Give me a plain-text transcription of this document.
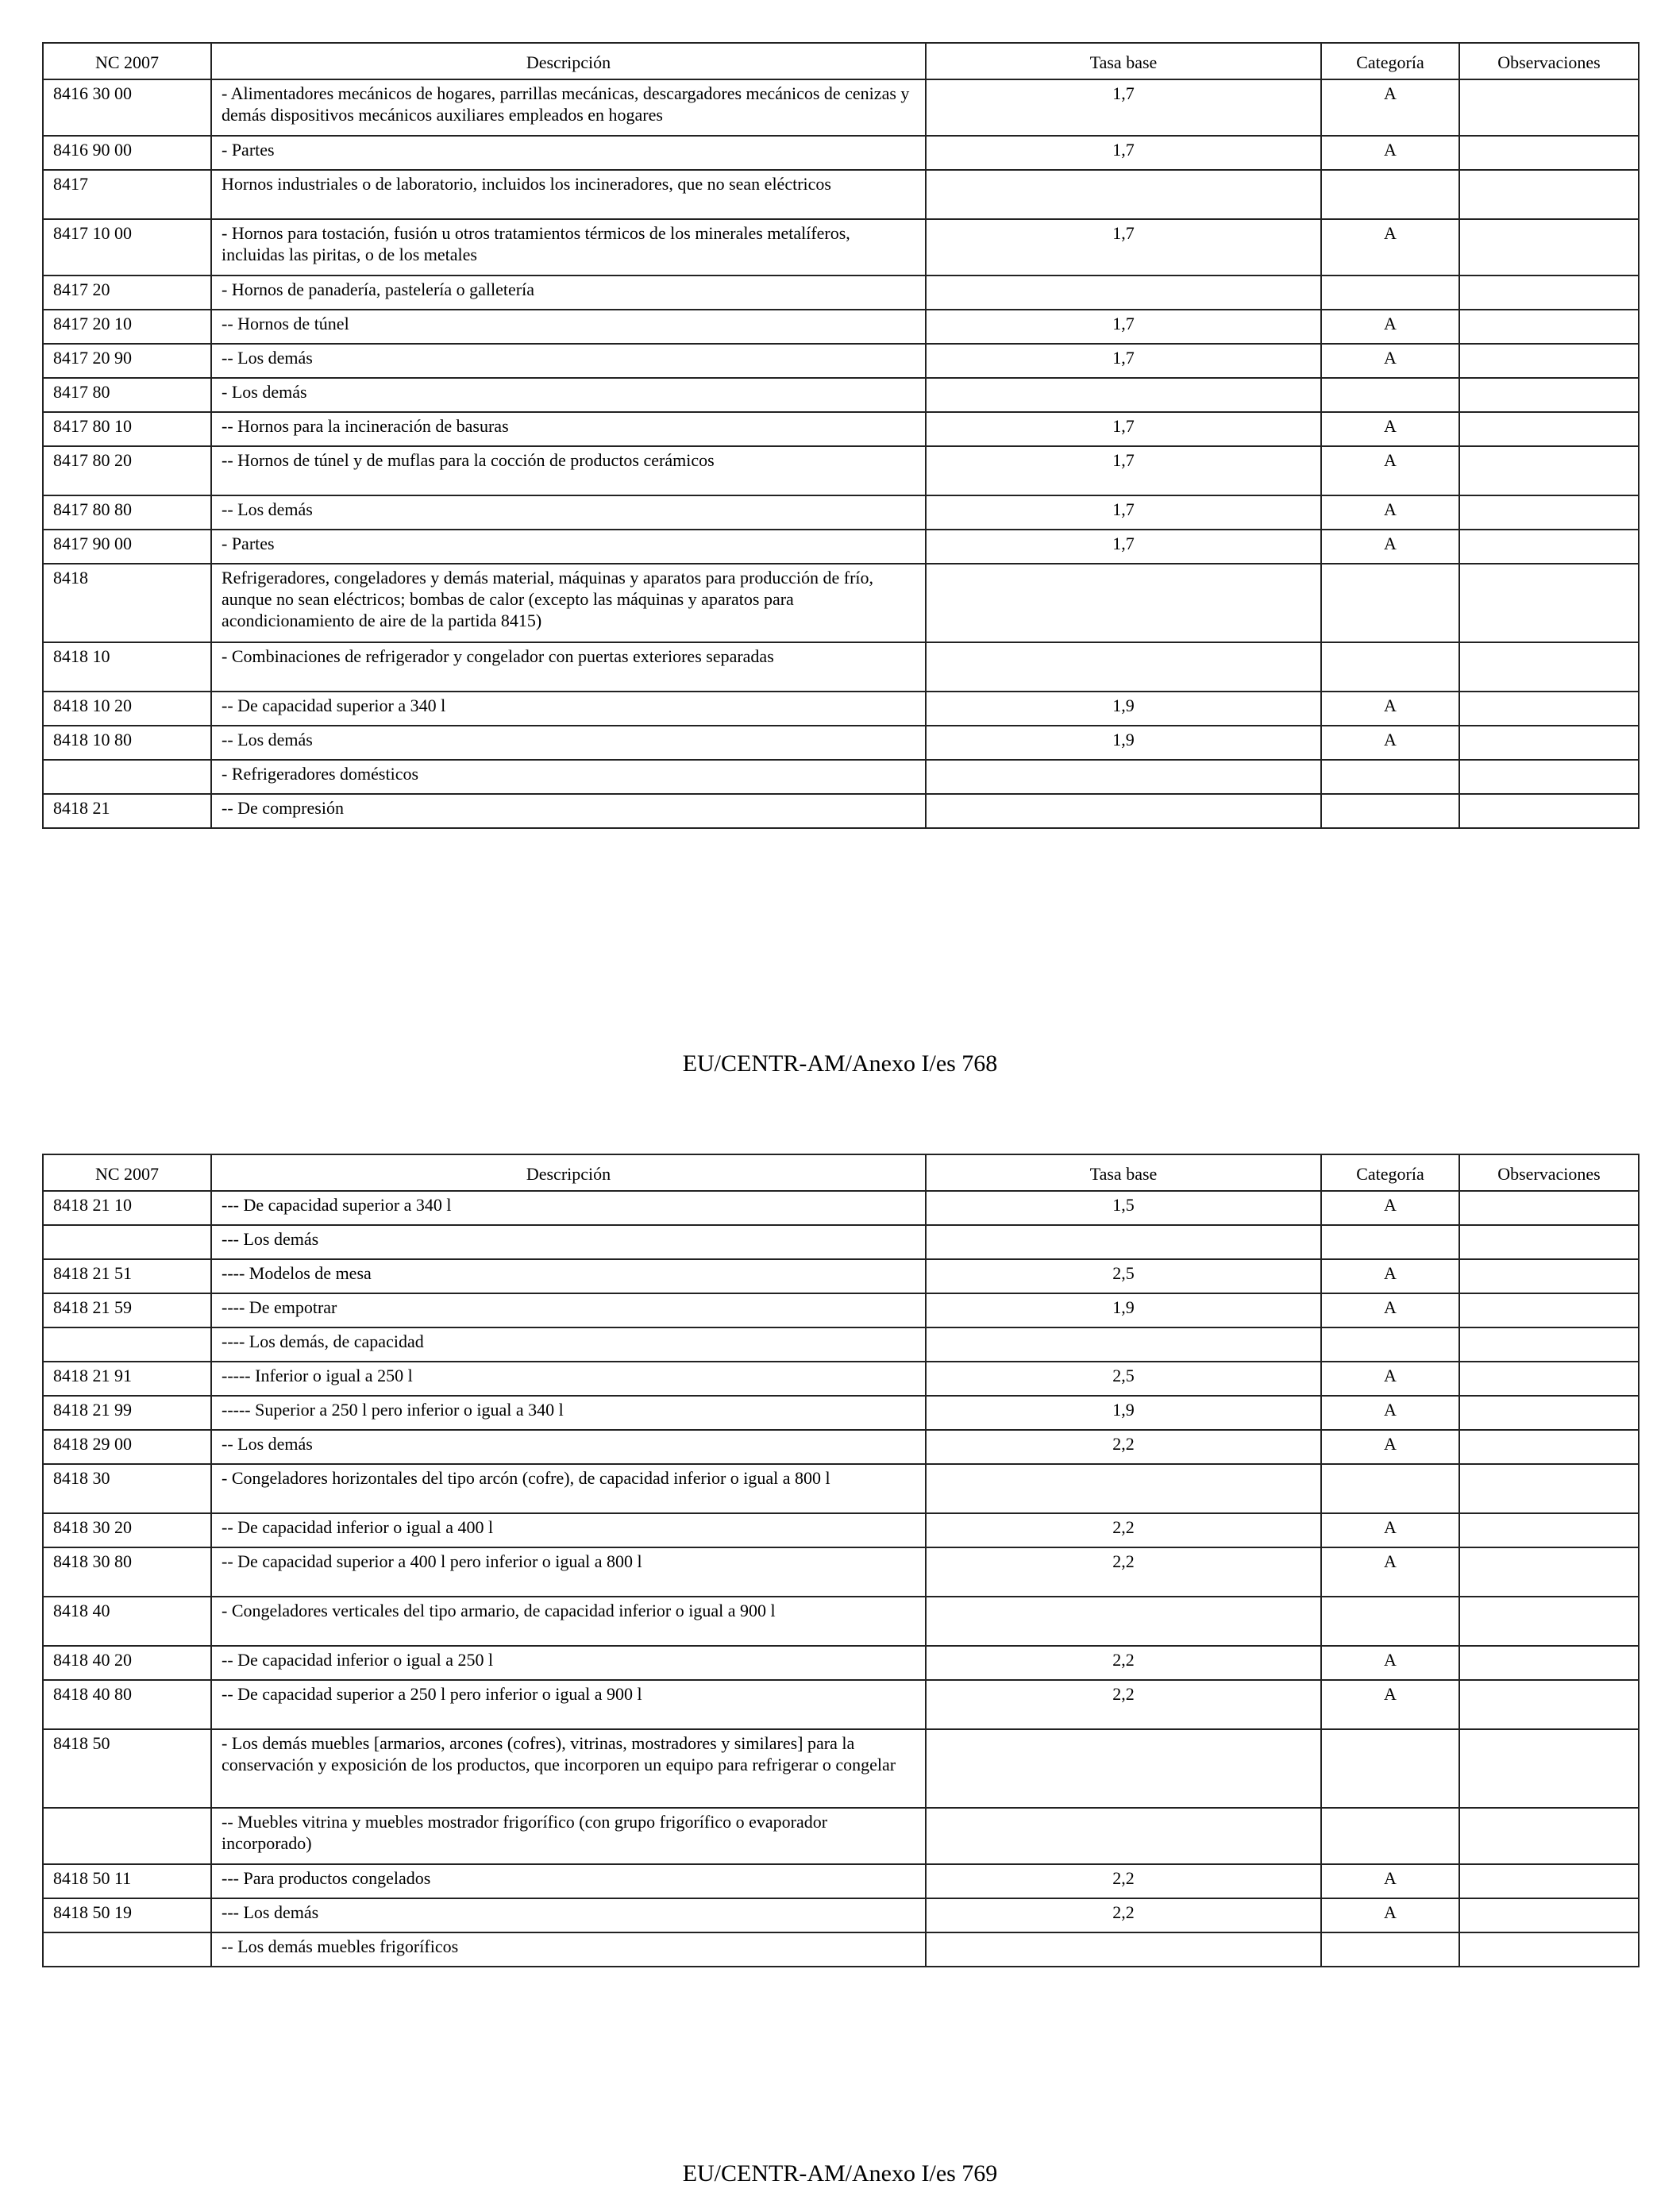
NC 2007	Descripción	Tasa base	Categoría	Observaciones
8416 30 00	- Alimentadores mecánicos de hogares, parrillas mecánicas, descargadores mecánicos de cenizas y demás dispositivos mecánicos auxiliares empleados en hogares	1,7	A	
8416 90 00	- Partes	1,7	A	
8417	Hornos industriales o de laboratorio, incluidos los incineradores, que no sean eléctricos			
8417 10 00	- Hornos para tostación, fusión u otros tratamientos térmicos de los minerales metalíferos, incluidas las piritas, o de los metales	1,7	A	
8417 20	- Hornos de panadería, pastelería o galletería			
8417 20 10	-- Hornos de túnel	1,7	A	
8417 20 90	-- Los demás	1,7	A	
8417 80	- Los demás			
8417 80 10	-- Hornos para la incineración de basuras	1,7	A	
8417 80 20	-- Hornos de túnel y de muflas para la cocción de productos cerámicos	1,7	A	
8417 80 80	-- Los demás	1,7	A	
8417 90 00	- Partes	1,7	A	
8418	Refrigeradores, congeladores y demás material, máquinas y aparatos para producción de frío, aunque no sean eléctricos; bombas de calor (excepto las máquinas y aparatos para acondicionamiento de aire de la partida 8415)			
8418 10	- Combinaciones de refrigerador y congelador con puertas exteriores separadas			
8418 10 20	-- De capacidad superior a 340 l	1,9	A	
8418 10 80	-- Los demás	1,9	A	
	- Refrigeradores domésticos			
8418 21	-- De compresión			
EU/CENTR-AM/Anexo I/es 768
NC 2007	Descripción	Tasa base	Categoría	Observaciones
8418 21 10	--- De capacidad superior a 340 l	1,5	A	
	--- Los demás			
8418 21 51	---- Modelos de mesa	2,5	A	
8418 21 59	---- De empotrar	1,9	A	
	---- Los demás, de capacidad			
8418 21 91	----- Inferior o igual a 250 l	2,5	A	
8418 21 99	----- Superior a 250 l pero inferior o igual a 340 l	1,9	A	
8418 29 00	-- Los demás	2,2	A	
8418 30	- Congeladores horizontales del tipo arcón (cofre), de capacidad inferior o igual a 800 l			
8418 30 20	-- De capacidad inferior o igual a 400 l	2,2	A	
8418 30 80	-- De capacidad superior a 400 l pero inferior o igual a 800 l	2,2	A	
8418 40	- Congeladores verticales del tipo armario, de capacidad inferior o igual a 900 l			
8418 40 20	-- De capacidad inferior o igual a 250 l	2,2	A	
8418 40 80	-- De capacidad superior a 250 l pero inferior o igual a 900 l	2,2	A	
8418 50	- Los demás muebles [armarios, arcones (cofres), vitrinas, mostradores y similares] para la conservación y exposición de los productos, que incorporen un equipo para refrigerar o congelar			
	-- Muebles vitrina y muebles mostrador frigorífico (con grupo frigorífico o evaporador incorporado)			
8418 50 11	--- Para productos congelados	2,2	A	
8418 50 19	--- Los demás	2,2	A	
	-- Los demás muebles frigoríficos			
EU/CENTR-AM/Anexo I/es 769
